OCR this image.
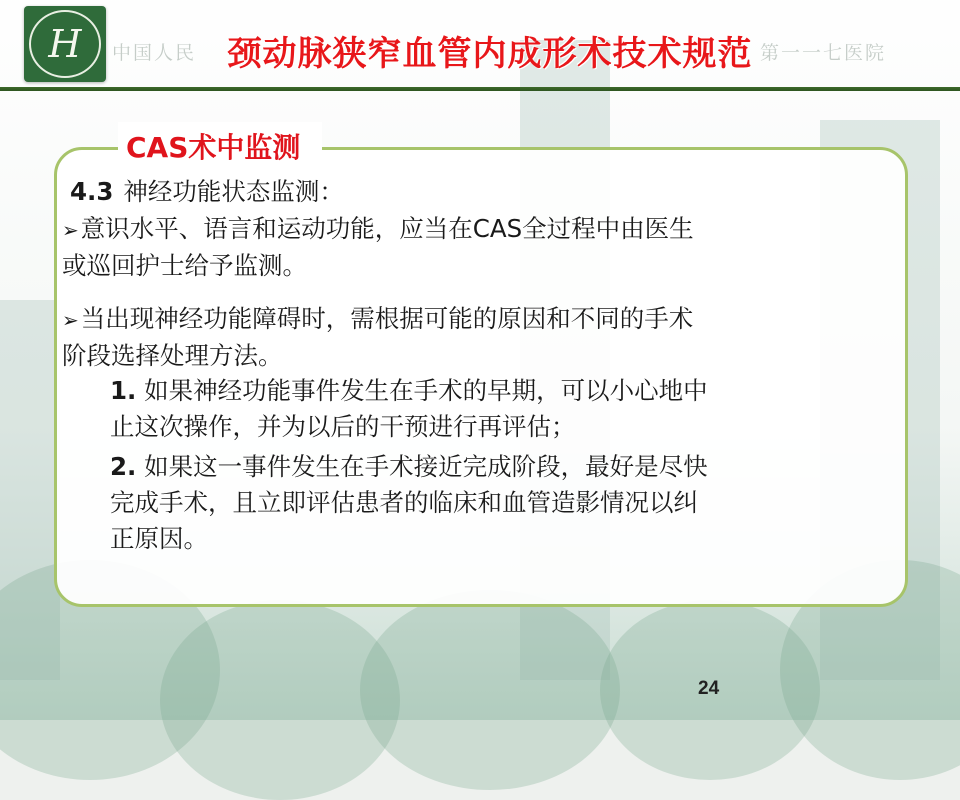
H	中国人民	第一一七医院
颈动脉狭窄血管内成形术技术规范
CAS术中监测

4.3 神经功能状态监测：

➢意识水平、语言和运动功能，应当在CAS全过程中由医生
或巡回护士给予监测。

➢当出现神经功能障碍时，需根据可能的原因和不同的手术
阶段选择处理方法。

1. 如果神经功能事件发生在手术的早期，可以小心地中
止这次操作，并为以后的干预进行再评估；

2. 如果这一事件发生在手术接近完成阶段，最好是尽快
完成手术，且立即评估患者的临床和血管造影情况以纠
正原因。

24
